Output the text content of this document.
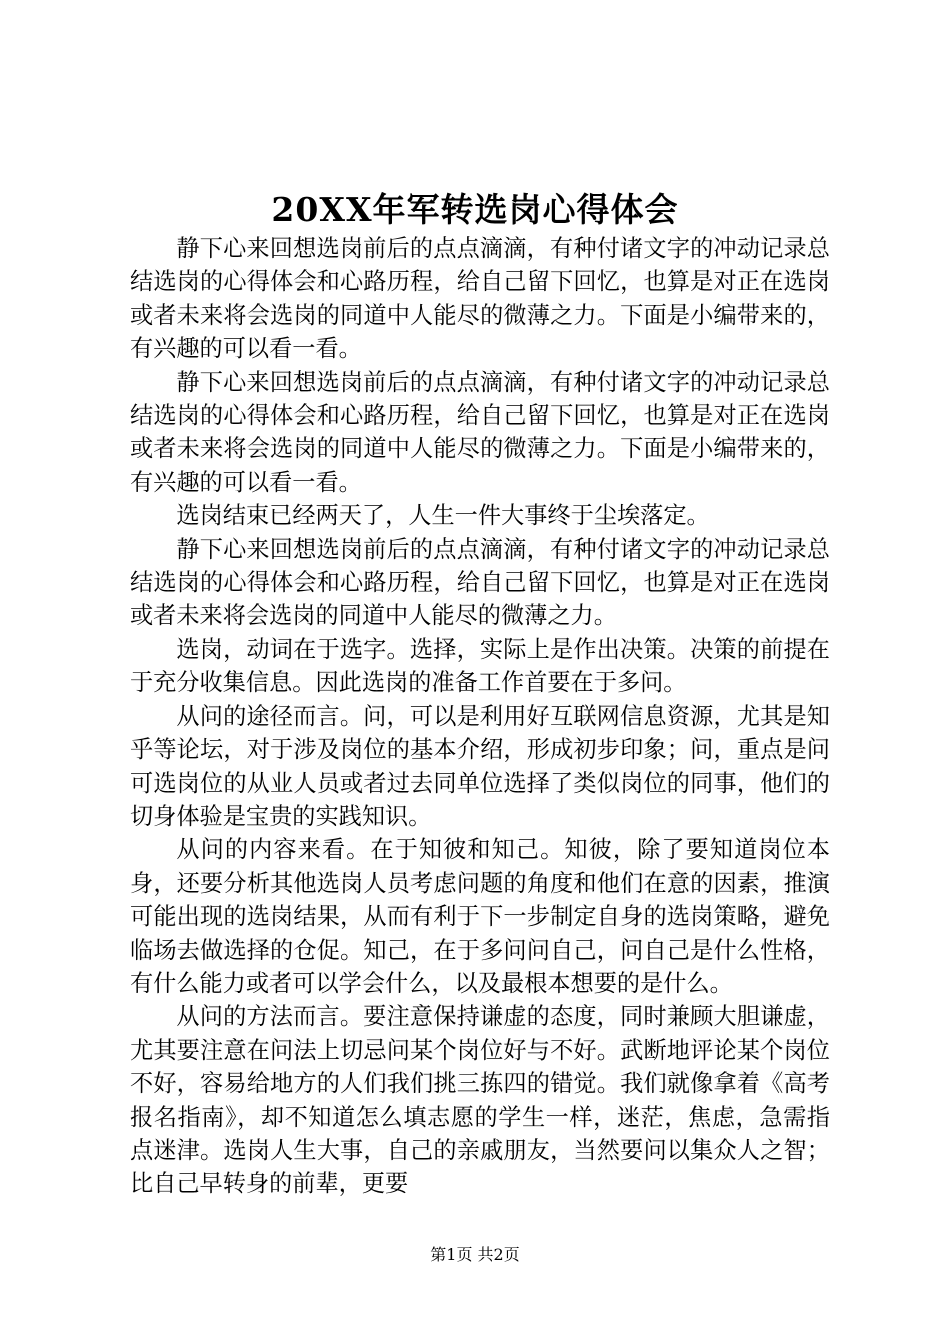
20XX年军转选岗心得体会

静下心来回想选岗前后的点点滴滴，有种付诸文字的冲动记录总结选岗的心得体会和心路历程，给自己留下回忆，也算是对正在选岗或者未来将会选岗的同道中人能尽的微薄之力。下面是小编带来的，有兴趣的可以看一看。

静下心来回想选岗前后的点点滴滴，有种付诸文字的冲动记录总结选岗的心得体会和心路历程，给自己留下回忆，也算是对正在选岗或者未来将会选岗的同道中人能尽的微薄之力。下面是小编带来的，有兴趣的可以看一看。

选岗结束已经两天了，人生一件大事终于尘埃落定。

静下心来回想选岗前后的点点滴滴，有种付诸文字的冲动记录总结选岗的心得体会和心路历程，给自己留下回忆，也算是对正在选岗或者未来将会选岗的同道中人能尽的微薄之力。

选岗，动词在于选字。选择，实际上是作出决策。决策的前提在于充分收集信息。因此选岗的准备工作首要在于多问。

从问的途径而言。问，可以是利用好互联网信息资源，尤其是知乎等论坛，对于涉及岗位的基本介绍，形成初步印象；问，重点是问可选岗位的从业人员或者过去同单位选择了类似岗位的同事，他们的切身体验是宝贵的实践知识。

从问的内容来看。在于知彼和知己。知彼，除了要知道岗位本身，还要分析其他选岗人员考虑问题的角度和他们在意的因素，推演可能出现的选岗结果，从而有利于下一步制定自身的选岗策略，避免临场去做选择的仓促。知己，在于多问问自己，问自己是什么性格，有什么能力或者可以学会什么，以及最根本想要的是什么。

从问的方法而言。要注意保持谦虚的态度，同时兼顾大胆谦虚，尤其要注意在问法上切忌问某个岗位好与不好。武断地评论某个岗位不好，容易给地方的人们我们挑三拣四的错觉。我们就像拿着《高考报名指南》，却不知道怎么填志愿的学生一样，迷茫，焦虑，急需指点迷津。选岗人生大事，自己的亲戚朋友，当然要问以集众人之智；比自己早转身的前辈，更要

第1页 共2页
